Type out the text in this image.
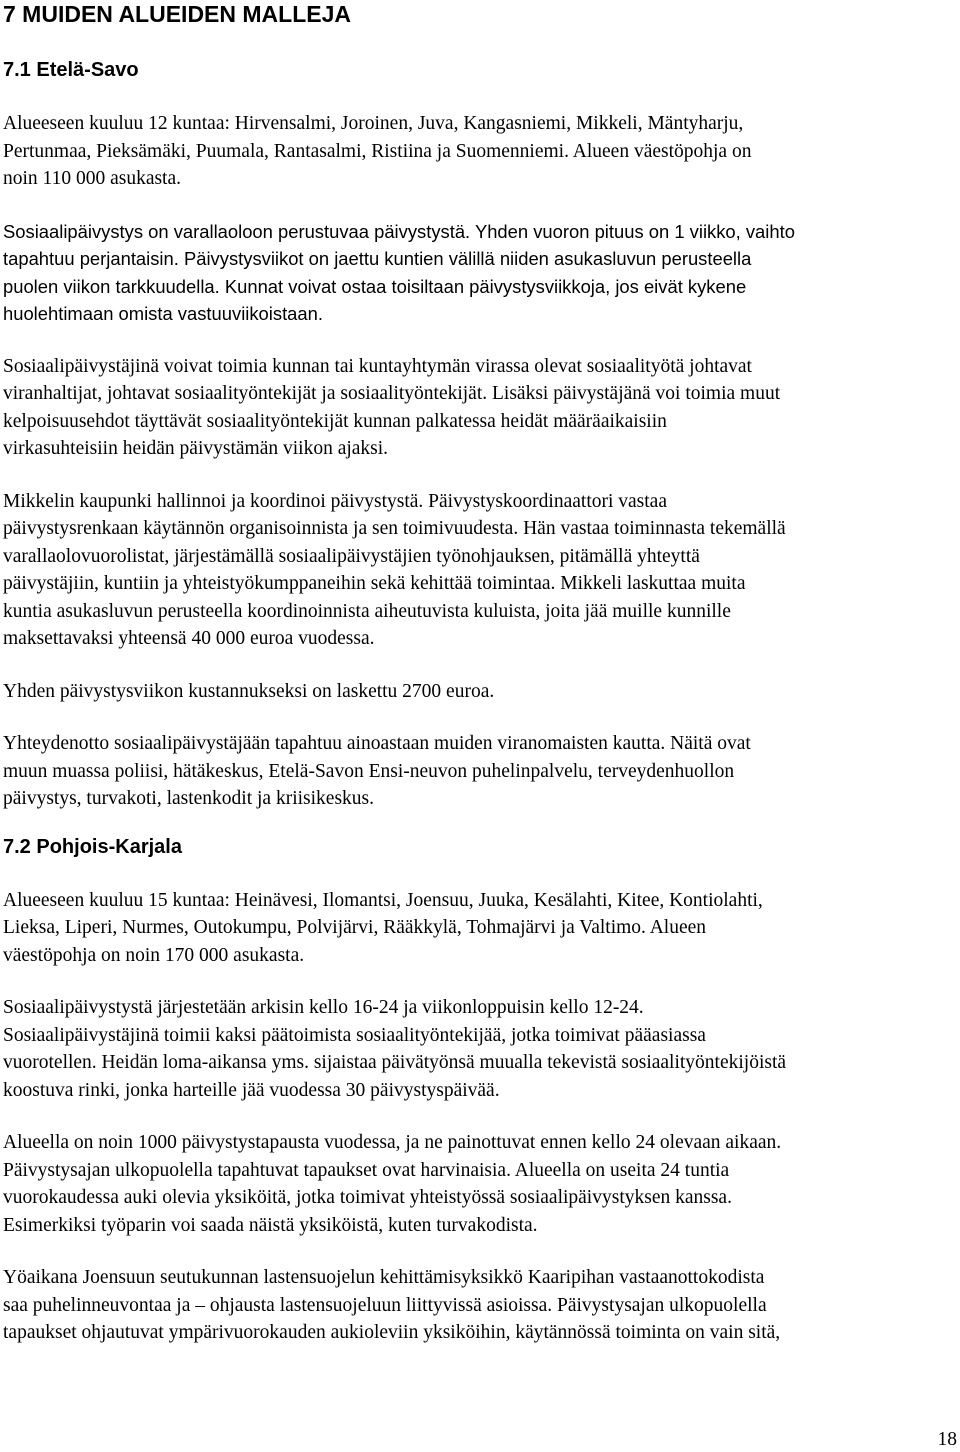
7 MUIDEN ALUEIDEN MALLEJA
7.1 Etelä-Savo

Alueeseen kuuluu 12 kuntaa: Hirvensalmi, Joroinen, Juva, Kangasniemi, Mikkeli, Mäntyharju,
Pertunmaa, Pieksämäki, Puumala, Rantasalmi, Ristiina ja Suomenniemi. Alueen väestöpohja on
noin 110 000 asukasta.

Sosiaalipäivystys on varallaoloon perustuvaa päivystystä. Yhden vuoron pituus on 1 viikko, vaihto
tapahtuu perjantaisin. Päivystysviikot on jaettu kuntien välillä niiden asukasluvun perusteella
puolen viikon tarkkuudella. Kunnat voivat ostaa toisiltaan päivystysviikkoja, jos eivät kykene
huolehtimaan omista vastuuviikoistaan.

Sosiaalipäivystäjinä voivat toimia kunnan tai kuntayhtymän virassa olevat sosiaalityötä johtavat
viranhaltijat, johtavat sosiaalityöntekijät ja sosiaalityöntekijät. Lisäksi päivystäjänä voi toimia muut
kelpoisuusehdot täyttävät sosiaalityöntekijät kunnan palkatessa heidät määräaikaisiin
virkasuhteisiin heidän päivystämän viikon ajaksi.

Mikkelin kaupunki hallinnoi ja koordinoi päivystystä. Päivystyskoordinaattori vastaa
päivystysrenkaan käytännön organisoinnista ja sen toimivuudesta. Hän vastaa toiminnasta tekemällä
varallaolovuorolistat, järjestämällä sosiaalipäivystäjien työnohjauksen, pitämällä yhteyttä
päivystäjiin, kuntiin ja yhteistyökumppaneihin sekä kehittää toimintaa. Mikkeli laskuttaa muita
kuntia asukasluvun perusteella koordinoinnista aiheutuvista kuluista, joita jää muille kunnille
maksettavaksi yhteensä 40 000 euroa vuodessa.

Yhden päivystysviikon kustannukseksi on laskettu 2700 euroa.

Yhteydenotto sosiaalipäivystäjään tapahtuu ainoastaan muiden viranomaisten kautta. Näitä ovat
muun muassa poliisi, hätäkeskus, Etelä-Savon Ensi-neuvon puhelinpalvelu, terveydenhuollon
päivystys, turvakoti, lastenkodit ja kriisikeskus.

7.2 Pohjois-Karjala

Alueeseen kuuluu 15 kuntaa: Heinävesi, Ilomantsi, Joensuu, Juuka, Kesälahti, Kitee, Kontiolahti,
Lieksa, Liperi, Nurmes, Outokumpu, Polvijärvi, Rääkkylä, Tohmajärvi ja Valtimo. Alueen
väestöpohja on noin 170 000 asukasta.

Sosiaalipäivystystä järjestetään arkisin kello 16-24 ja viikonloppuisin kello 12-24.
Sosiaalipäivystäjinä toimii kaksi päätoimista sosiaalityöntekijää, jotka toimivat pääasiassa
vuorotellen. Heidän loma-aikansa yms. sijaistaa päivätyönsä muualla tekevistä sosiaalityöntekijöistä
koostuva rinki, jonka harteille jää vuodessa 30 päivystyspäivää.

Alueella on noin 1000 päivystystapausta vuodessa, ja ne painottuvat ennen kello 24 olevaan aikaan.
Päivystysajan ulkopuolella tapahtuvat tapaukset ovat harvinaisia. Alueella on useita 24 tuntia
vuorokaudessa auki olevia yksiköitä, jotka toimivat yhteistyössä sosiaalipäivystyksen kanssa.
Esimerkiksi työparin voi saada näistä yksiköistä, kuten turvakodista.

Yöaikana Joensuun seutukunnan lastensuojelun kehittämisyksikkö Kaaripihan vastaanottokodista
saa puhelinneuvontaa ja – ohjausta lastensuojeluun liittyvissä asioissa. Päivystysajan ulkopuolella
tapaukset ohjautuvat ympärivuorokauden aukioleviin yksiköihin, käytännössä toiminta on vain sitä,

18
